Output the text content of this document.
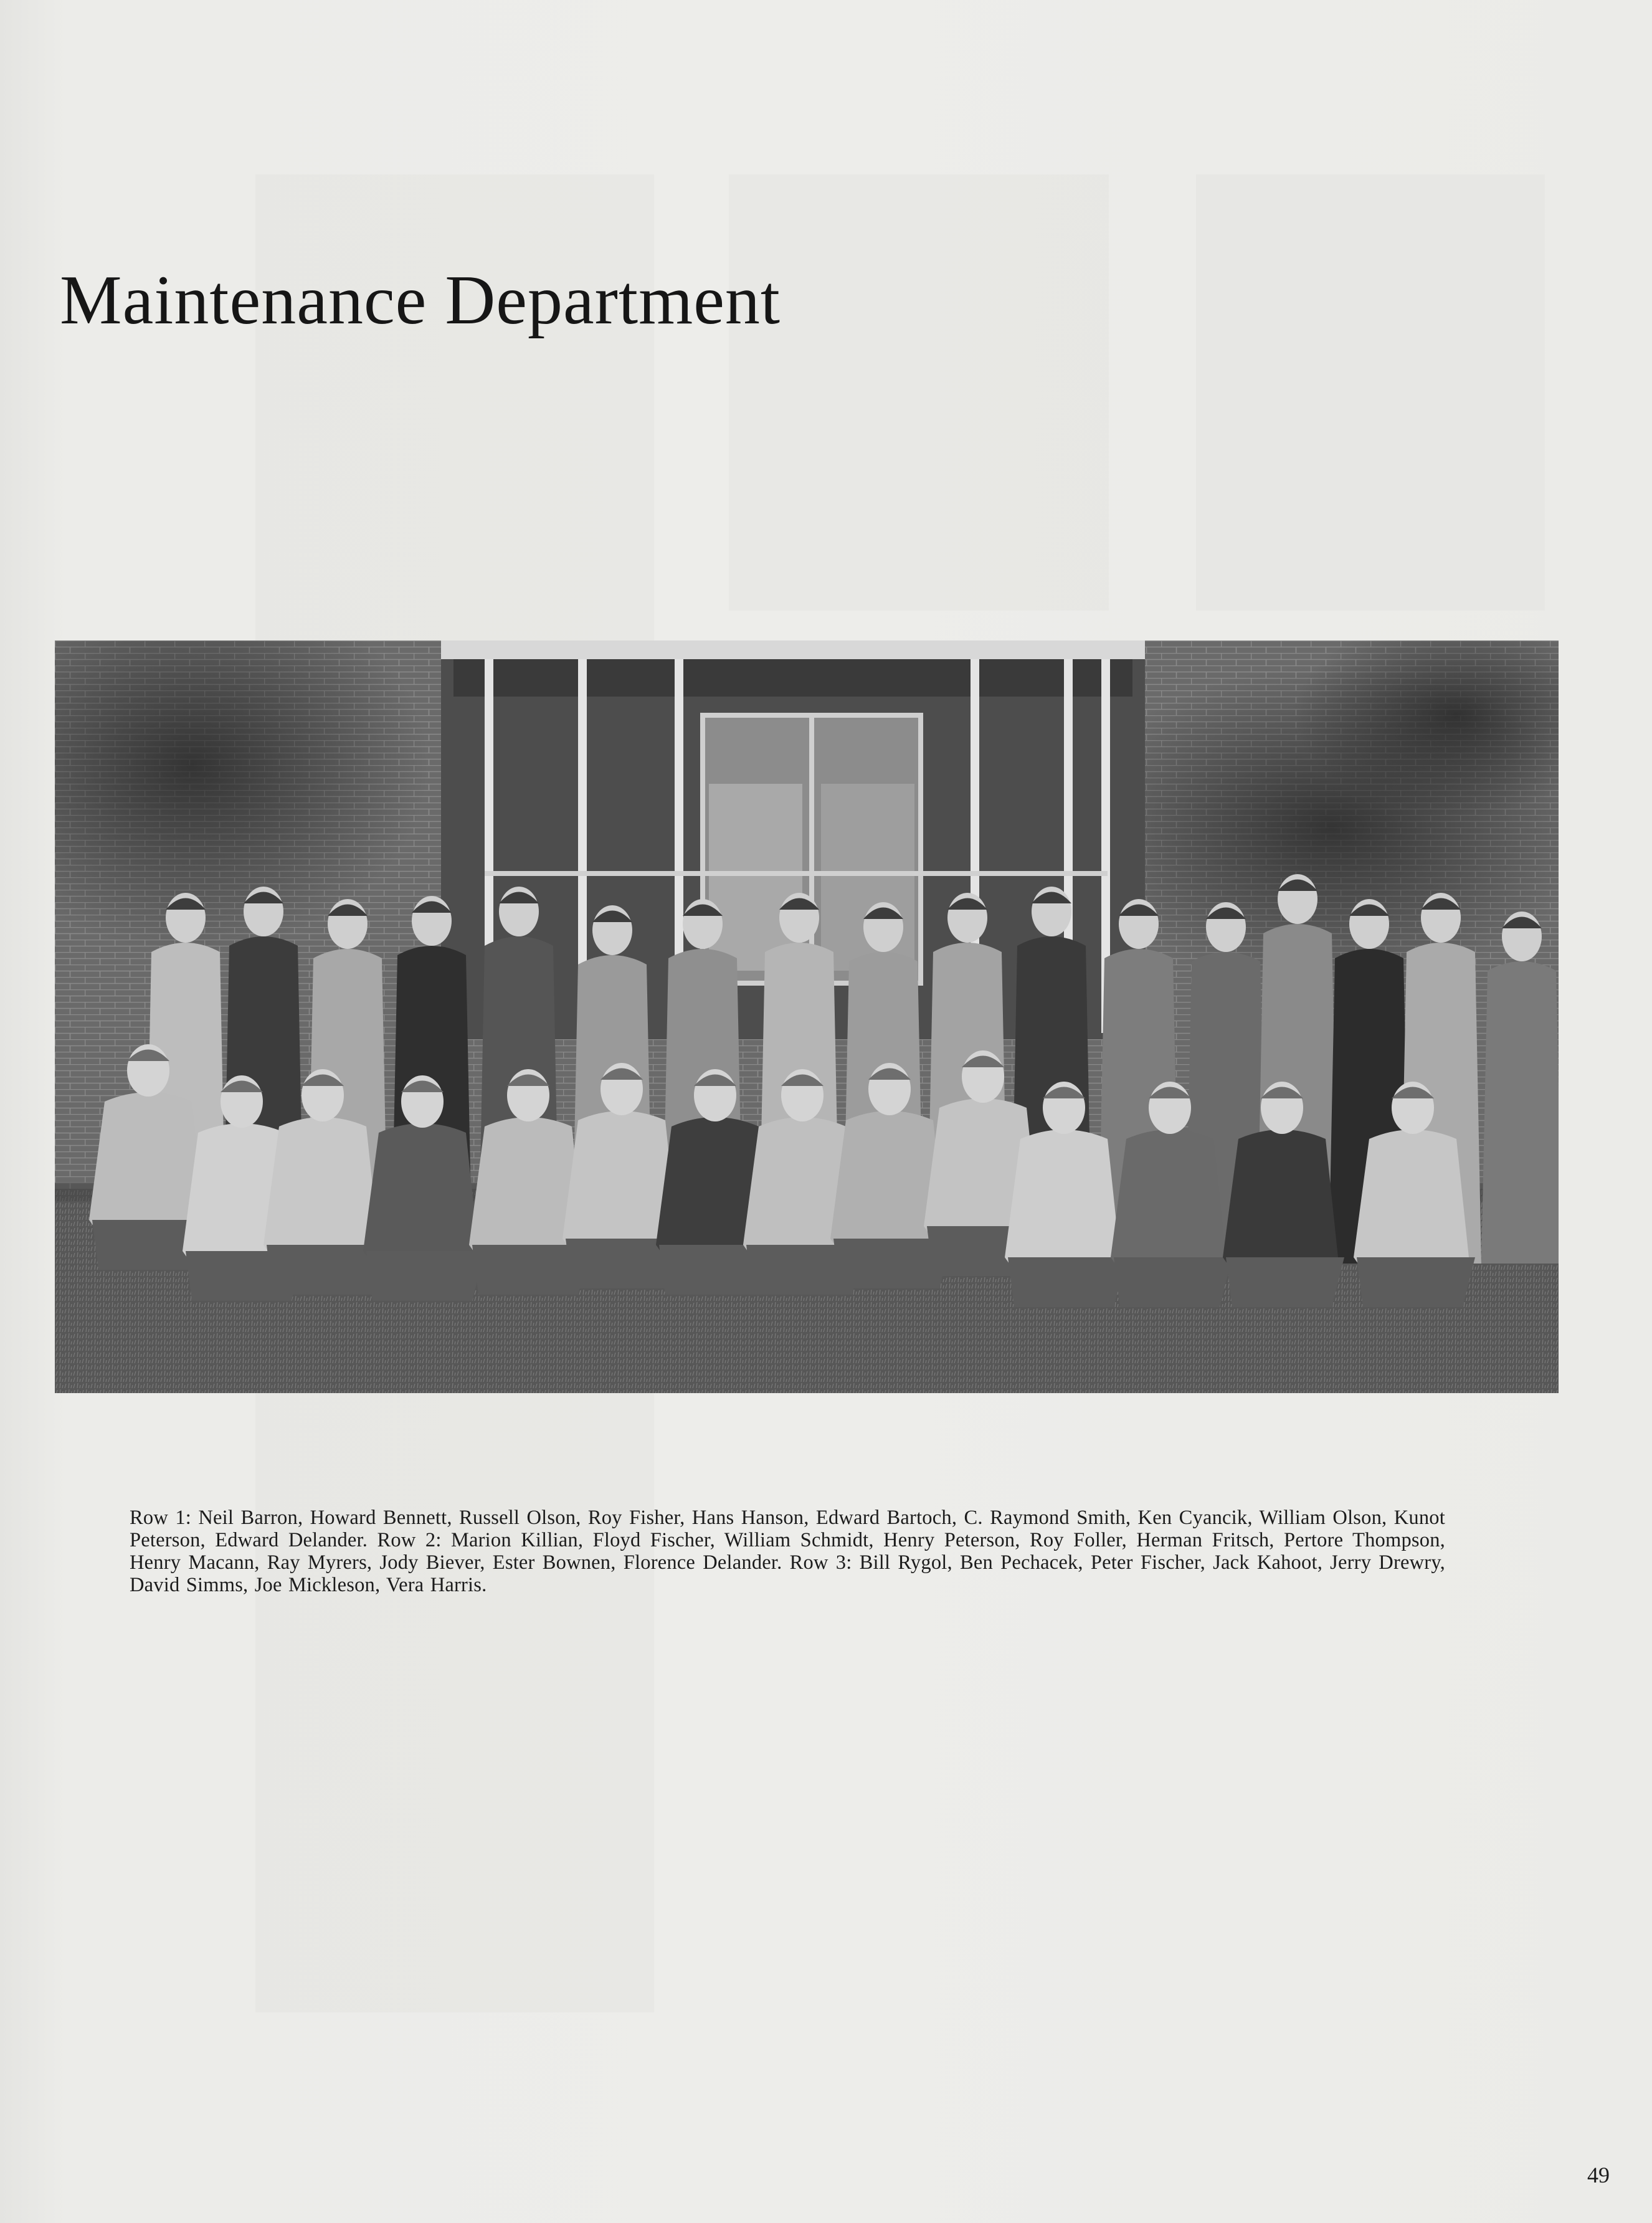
Maintenance Department

Row 1: Neil Barron, Howard Bennett, Russell Olson, Roy Fisher, Hans Hanson, Edward Bartoch, C. Raymond Smith, Ken Cyancik, William Olson, Kunot Peterson, Edward Delander. Row 2: Marion Killian, Floyd Fischer, William Schmidt, Henry Peterson, Roy Foller, Herman Fritsch, Pertore Thompson, Henry Macann, Ray Myrers, Jody Biever, Ester Bownen, Florence Delander. Row 3: Bill Rygol, Ben Pechacek, Peter Fischer, Jack Kahoot, Jerry Drewry, David Simms, Joe Mickleson, Vera Harris.

49
